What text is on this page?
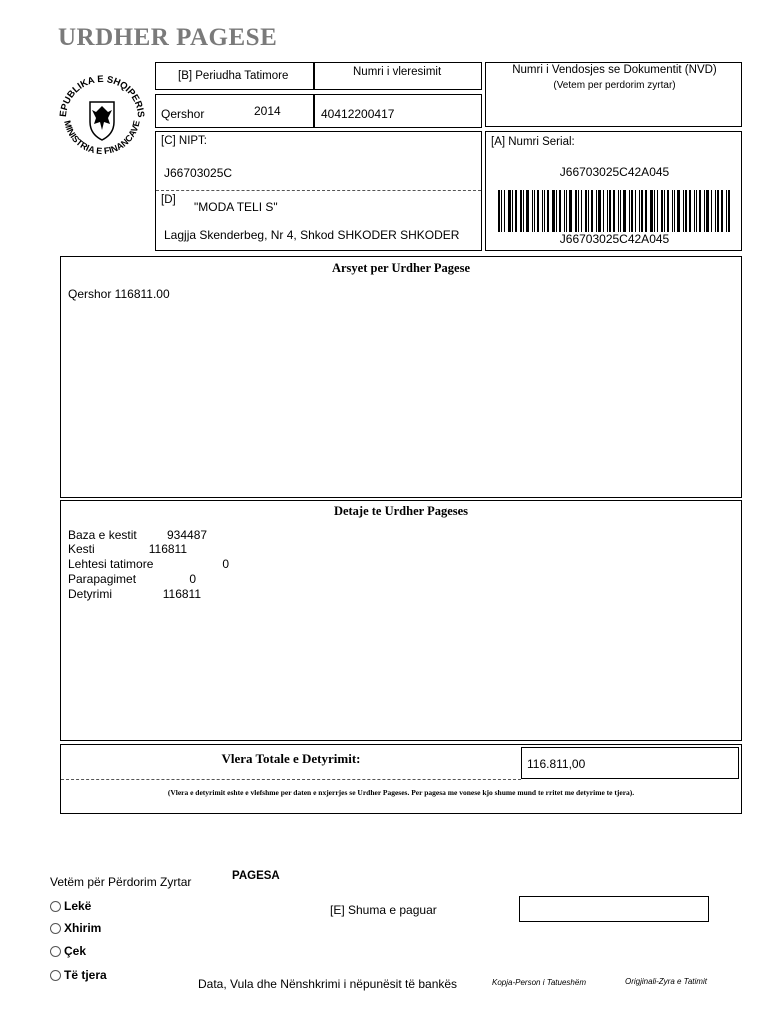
URDHER PAGESE
EPUBLIKA E SHQIPERIS
MINISTRIA E FINANCAVE
[B] Periudha Tatimore	Numri i vleresimit	Numri i Vendosjes se Dokumentit (NVD)
(Vetem per perdorim zyrtar)
Qershor	2014	40412200417
[C] NIPT:
J66703025C
[D] "MODA TELI S"
Lagjja Skenderbeg, Nr 4, Shkod SHKODER SHKODER
[A] Numri Serial:
J66703025C42A045
J66703025C42A045
Arsyet per Urdher Pagese
Qershor 116811.00
Detaje te Urdher Pageses
Baza e kestit	934487
Kesti	116811
Lehtesi tatimore	0
Parapagimet	0
Detyrimi	116811
Vlera Totale e Detyrimit:	116.811,00
(Vlera e detyrimit eshte e vlefshme per daten e nxjerrjes se Urdher Pageses. Per pagesa me vonese kjo shume mund te rritet me detyrime te tjera).
Vetëm për Përdorim Zyrtar	PAGESA
Lekë
Xhirim
Çek
Të tjera
[E] Shuma e paguar
Data, Vula dhe Nënshkrimi i nëpunësit të bankës	Kopja-Person i Tatueshëm	Origjinali-Zyra e Tatimit
